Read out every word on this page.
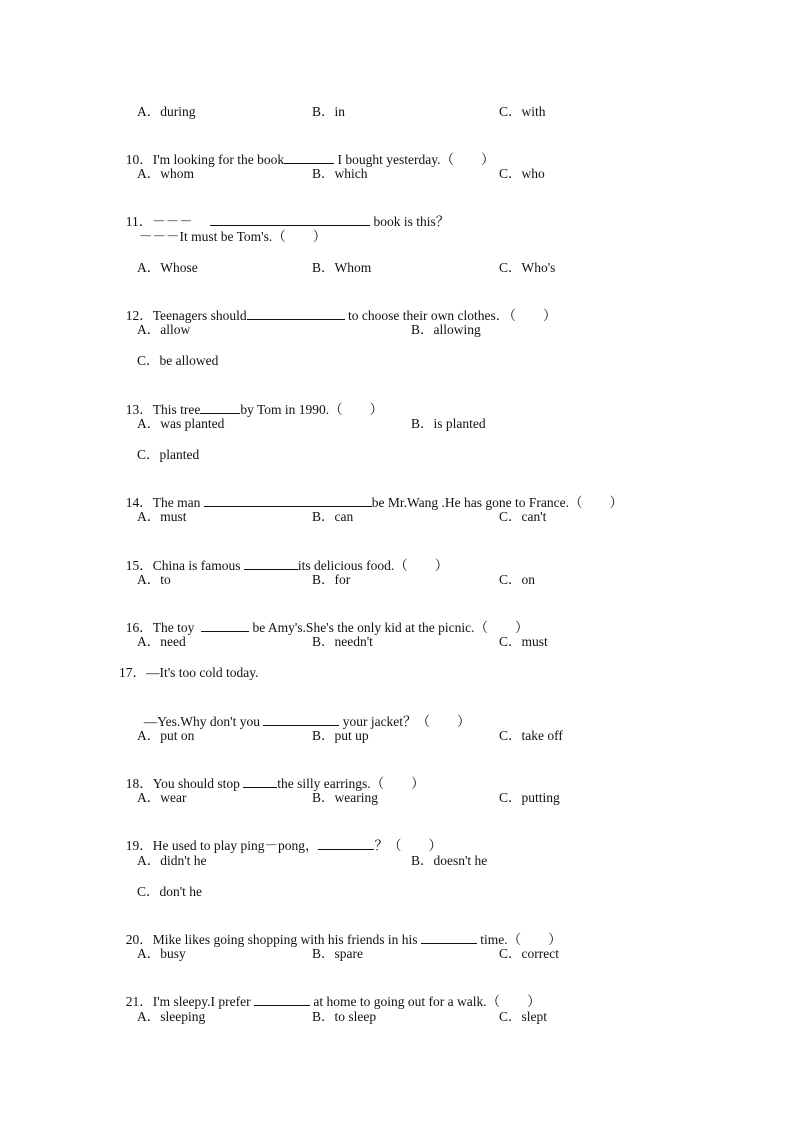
A．during	B．in	C．with

10．I'm looking for the book	I bought yesterday.（　　）

A．whom	B．which	C．who

11．－－－	book is this？

－－－It must be Tom's.（　　）
A．Whose	B．Whom	C．Who's

12．Teenagers should	to choose their own clothes．（　　）

A．allow	B．allowing
C．be allowed

13．This tree	by Tom in 1990.（　　）

A．was planted	B．is planted
C．planted

14．The man	be Mr.Wang .He has gone to France.（　　）

A．must	B．can	C．can't

15．China is famous	its delicious food.（　　）

A．to	B．for	C．on

16．The toy	be Amy's.She's the only kid at the picnic.（　　）

A．need	B．needn't	C．must
17．—It's too cold today.

—Yes.Why don't you	your jacket？（　　）

A．put on	B．put up	C．take off

18．You should stop	the silly earrings.（　　）

A．wear	B．wearing	C．putting

19．He used to play ping－pong，	？（　　）

A．didn't he	B．doesn't he
C．don't he

20．Mike likes going shopping with his friends in his	time.（　　）

A．busy	B．spare	C．correct

21．I'm sleepy.I prefer	at home to going out for a walk.（　　）

A．sleeping	B．to sleep	C．slept
